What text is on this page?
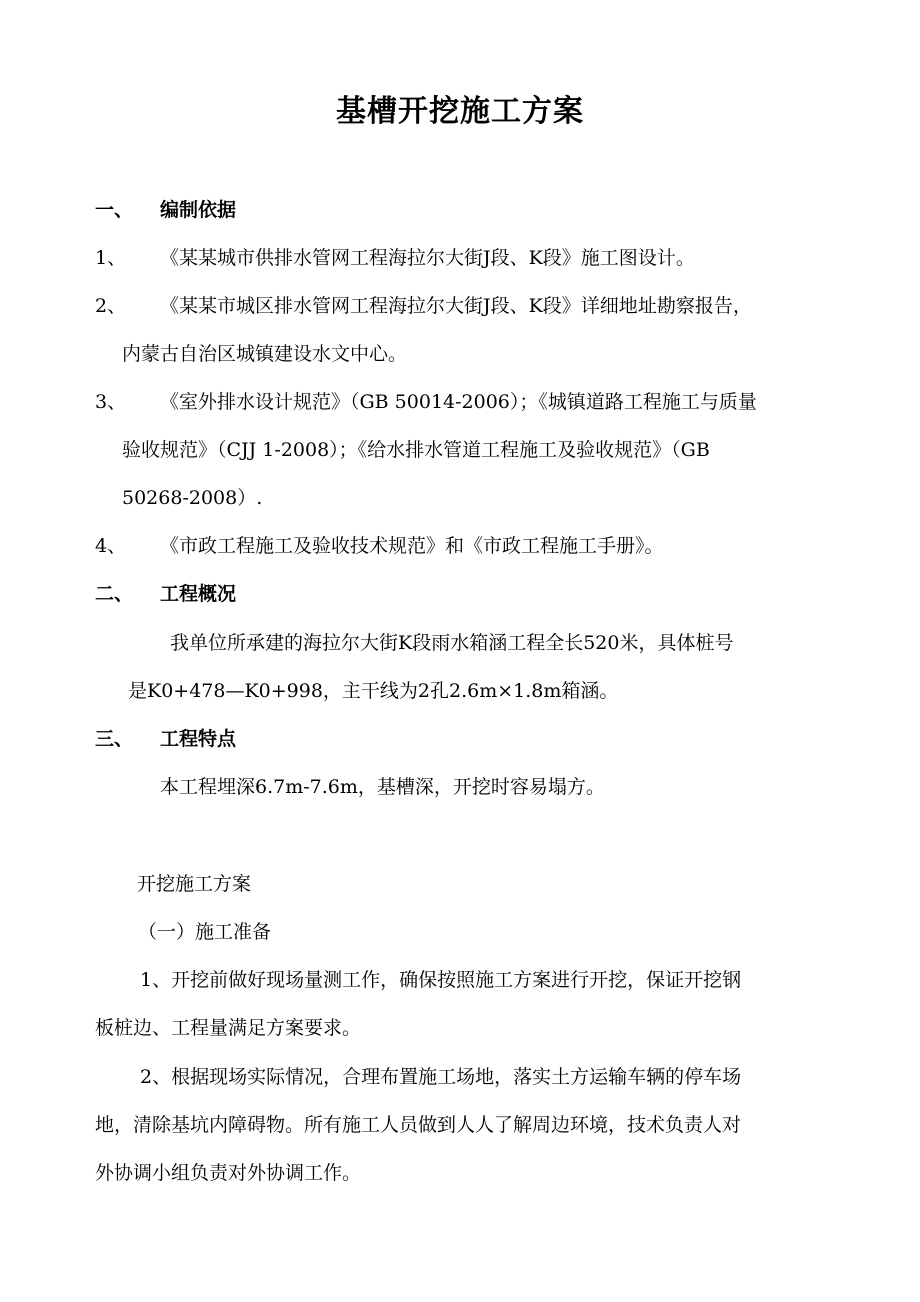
基槽开挖施工方案
一、 编制依据
1、 《某某城市供排水管网工程海拉尔大街J段、K段》施工图设计。
2、 《某某市城区排水管网工程海拉尔大街J段、K段》详细地址勘察报告，
内蒙古自治区城镇建设水文中心。
3、 《室外排水设计规范》（GB 50014-2006）；《城镇道路工程施工与质量
验收规范》（CJJ 1-2008）；《给水排水管道工程施工及验收规范》（GB
50268-2008）.
4、 《市政工程施工及验收技术规范》和《市政工程施工手册》。
二、 工程概况
我单位所承建的海拉尔大街K段雨水箱涵工程全长520米，具体桩号
是K0+478—K0+998，主干线为2孔2.6m×1.8m箱涵。
三、 工程特点
本工程埋深6.7m-7.6m，基槽深，开挖时容易塌方。
开挖施工方案
（一）施工准备
1、开挖前做好现场量测工作，确保按照施工方案进行开挖，保证开挖钢
板桩边、工程量满足方案要求。
2、根据现场实际情况，合理布置施工场地，落实土方运输车辆的停车场
地，清除基坑内障碍物。所有施工人员做到人人了解周边环境，技术负责人对
外协调小组负责对外协调工作。
